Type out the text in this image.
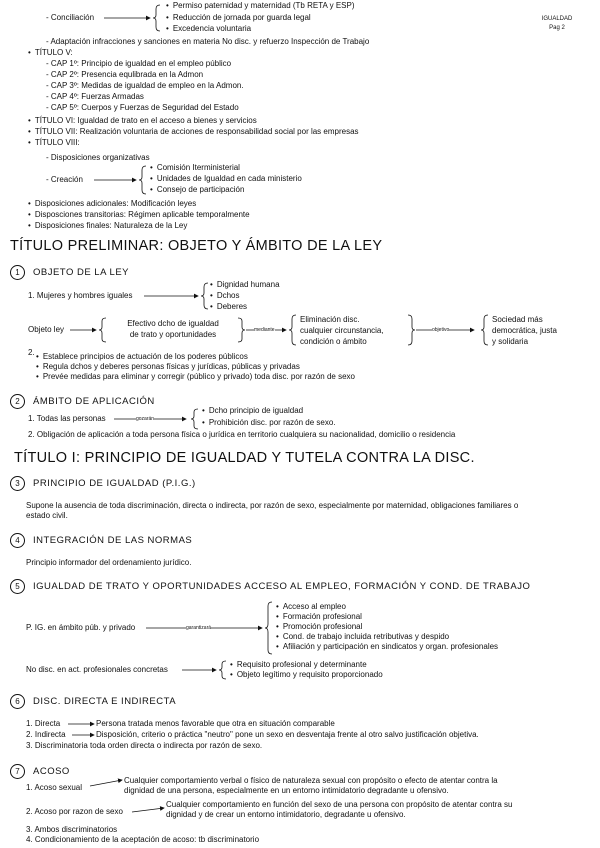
IGUALDAD
Pag 2
- Conciliación
• Permiso paternidad y maternidad (Tb RETA y ESP)
• Reducción de jornada por guarda legal
• Excedencia voluntaria
- Adaptación infracciones y sanciones en materia No disc. y refuerzo Inspección de Trabajo
• TÍTULO V:
- CAP 1º: Principio de igualdad en el empleo público
- CAP 2º: Presencia equlibrada en la Admon
- CAP 3º: Medidas de igualdad de empleo en la Admon.
- CAP 4º: Fuerzas Armadas
- CAP 5º: Cuerpos y Fuerzas de Seguridad del Estado
• TÍTULO VI: Igualdad de trato en el acceso a bienes y servicios
• TÍTULO VII: Realización voluntaria de acciones de responsabilidad social por las empresas
• TÍTULO VIII:
- Disposiciones organizativas
- Creación
• Comisión Iterministerial
• Unidades de Igualdad en cada ministerio
• Consejo de participación
• Disposiciones adicionales: Modificación leyes
• Disposciones transitorias: Régimen aplicable temporalmente
• Disposiciones finales: Naturaleza de la Ley
TÍTULO PRELIMINAR: OBJETO Y ÁMBITO DE LA LEY
1	OBJETO DE LA LEY
1. Mujeres y hombres iguales
• Dignidad humana
• Dchos
• Deberes
Objeto ley
Efectivo dcho de igualdad
de trato y oportunidades	mediante
Eliminación disc.
cualquier circunstancia,
condición o ámbito
objetivo
Sociedad más
democrática, justa
y solidaria
2.
•	Establece principios de actuación de los poderes públicos
• Regula dchos y deberes personas físicas y jurídicas, públicas y privadas
• Prevée medidas para eliminar y corregir (público y privado) toda disc. por razón de sexo
2	ÁMBITO DE APLICACIÓN
1. Todas las personas	gozarán
• Dcho principio de igualdad
• Prohibición disc. por razón de sexo.
2. Obligación de aplicación a toda persona física o jurídica en territorio cualquiera su nacionalidad, domicilio o residencia
TÍTULO I: PRINCIPIO DE IGUALDAD Y TUTELA CONTRA LA DISC.
3	PRINCIPIO DE IGUALDAD (P.I.G.)
Supone la ausencia de toda discriminación, directa o indirecta, por razón de sexo, especialmente por maternidad, obligaciones familiares o
estado civil.
4	INTEGRACIÓN DE LAS NORMAS
Principio informador del ordenamiento jurídico.
5	IGUALDAD DE TRATO Y OPORTUNIDADES ACCESO AL EMPLEO, FORMACIÓN Y COND. DE TRABAJO
P. IG. en ámbito púb. y privado	garantizará
• Acceso al empleo
• Formación profesional
• Promoción profesional
• Cond. de trabajo incluida retributivas y despido
• Afiliación y participación en sindicatos y organ. profesionales
No disc. en act. profesionales concretas
• Requisito profesional y determinante
• Objeto legítimo y requisito proporcionado
6	DISC. DIRECTA E INDIRECTA
1. Directa	Persona tratada menos favorable que otra en situación comparable
2. Indirecta	Disposición, criterio o práctica "neutro" pone un sexo en desventaja frente al otro salvo justificación objetiva.
3. Discriminatoria toda orden directa o indirecta por razón de sexo.
7	ACOSO
1. Acoso sexual
Cualquier comportamiento verbal o físico de naturaleza sexual con propósito o efecto de atentar contra la
dignidad de una persona, especialmente en un entorno intimidatorio degradante u ofensivo.
2. Acoso por razon de sexo
Cualquier comportamiento en función del sexo de una persona con propósito de atentar contra su
dignidad y de crear un entorno intimidatorio, degradante u ofensivo.
3. Ambos discriminatorios
4. Condicionamiento de la aceptación de acoso: tb discriminatorio
